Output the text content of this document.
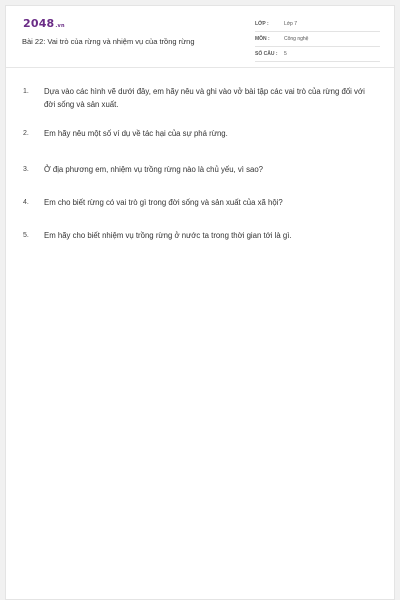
2048.vn
Bài 22: Vai trò của rừng và nhiệm vụ của trồng rừng
LỚP :	Lớp 7
MÔN :	Công nghệ
SỐ CÂU : 5
1.	Dựa vào các hình vẽ dưới đây, em hãy nêu và ghi vào vở bài tập các vai trò của rừng đối với đời sống và sản xuất.
2.	Em hãy nêu một số ví dụ về tác hại của sự phá rừng.
3.	Ở địa phương em, nhiệm vụ trồng rừng nào là chủ yếu, vì sao?
4.	Em cho biết rừng có vai trò gì trong đời sống và sản xuất của xã hội?
5.	Em hãy cho biết nhiệm vụ trồng rừng ở nước ta trong thời gian tới là gì.
